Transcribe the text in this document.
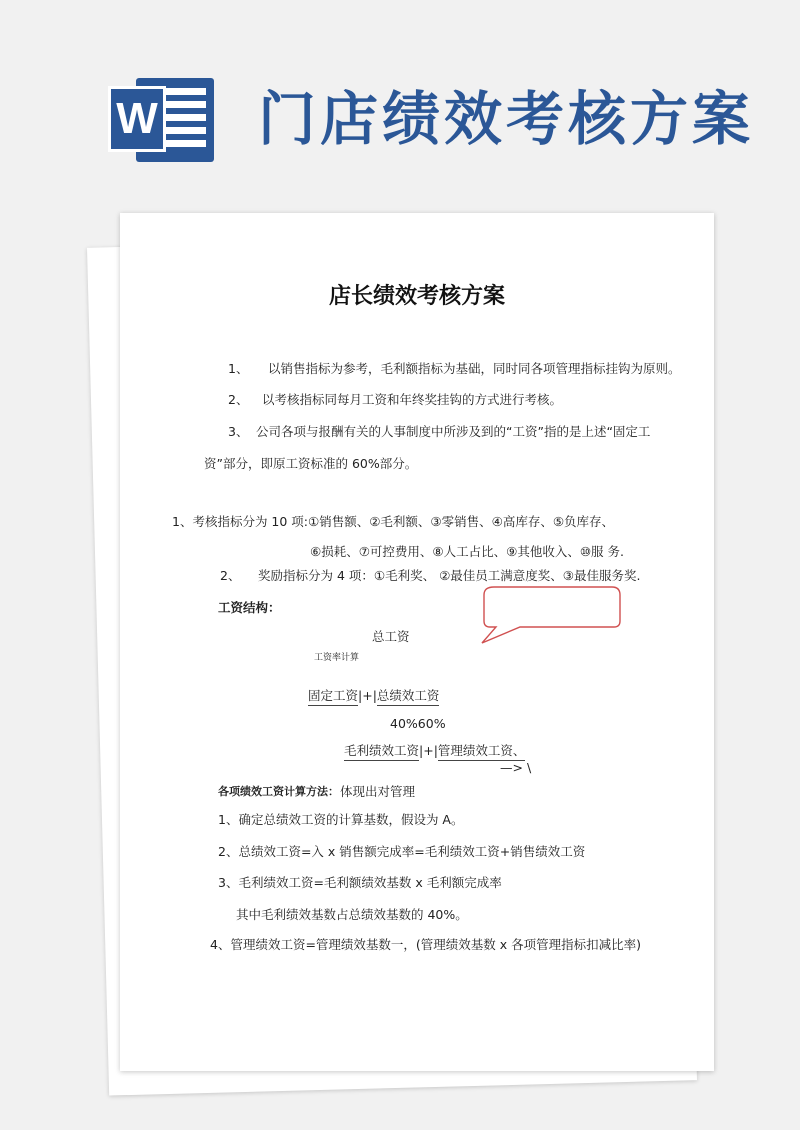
W 门店绩效考核方案
店长绩效考核方案
1、 以销售指标为参考，毛利额指标为基础，同时同各项管理指标挂钩为原则。
2、 以考核指标同每月工资和年终奖挂钩的方式进行考核。
3、 公司各项与报酬有关的人事制度中所涉及到的“工资”指的是上述“固定工
资”部分，即原工资标准的 60%部分。
1、考核指标分为 10 项:①销售额、②毛利额、③零销售、④高库存、⑤负库存、
⑥损耗、⑦可控费用、⑧人工占比、⑨其他收入、⑩服 务.
2、 奖励指标分为 4 项：①毛利奖、 ②最佳员工满意度奖、③最佳服务奖.
工资结构：
总工资
工资率计算
固定工资|+|总绩效工资
40%60%
毛利绩效工资|+|管理绩效工资、
—> \
各项绩效工资计算方法： 体现出对管理
1、确定总绩效工资的计算基数，假设为 A。
2、总绩效工资=入 x 销售额完成率=毛利绩效工资+销售绩效工资
3、毛利绩效工资=毛利额绩效基数 x 毛利额完成率
其中毛利绩效基数占总绩效基数的 40%。
4、管理绩效工资=管理绩效基数一，(管理绩效基数 x 各项管理指标扣减比率)
